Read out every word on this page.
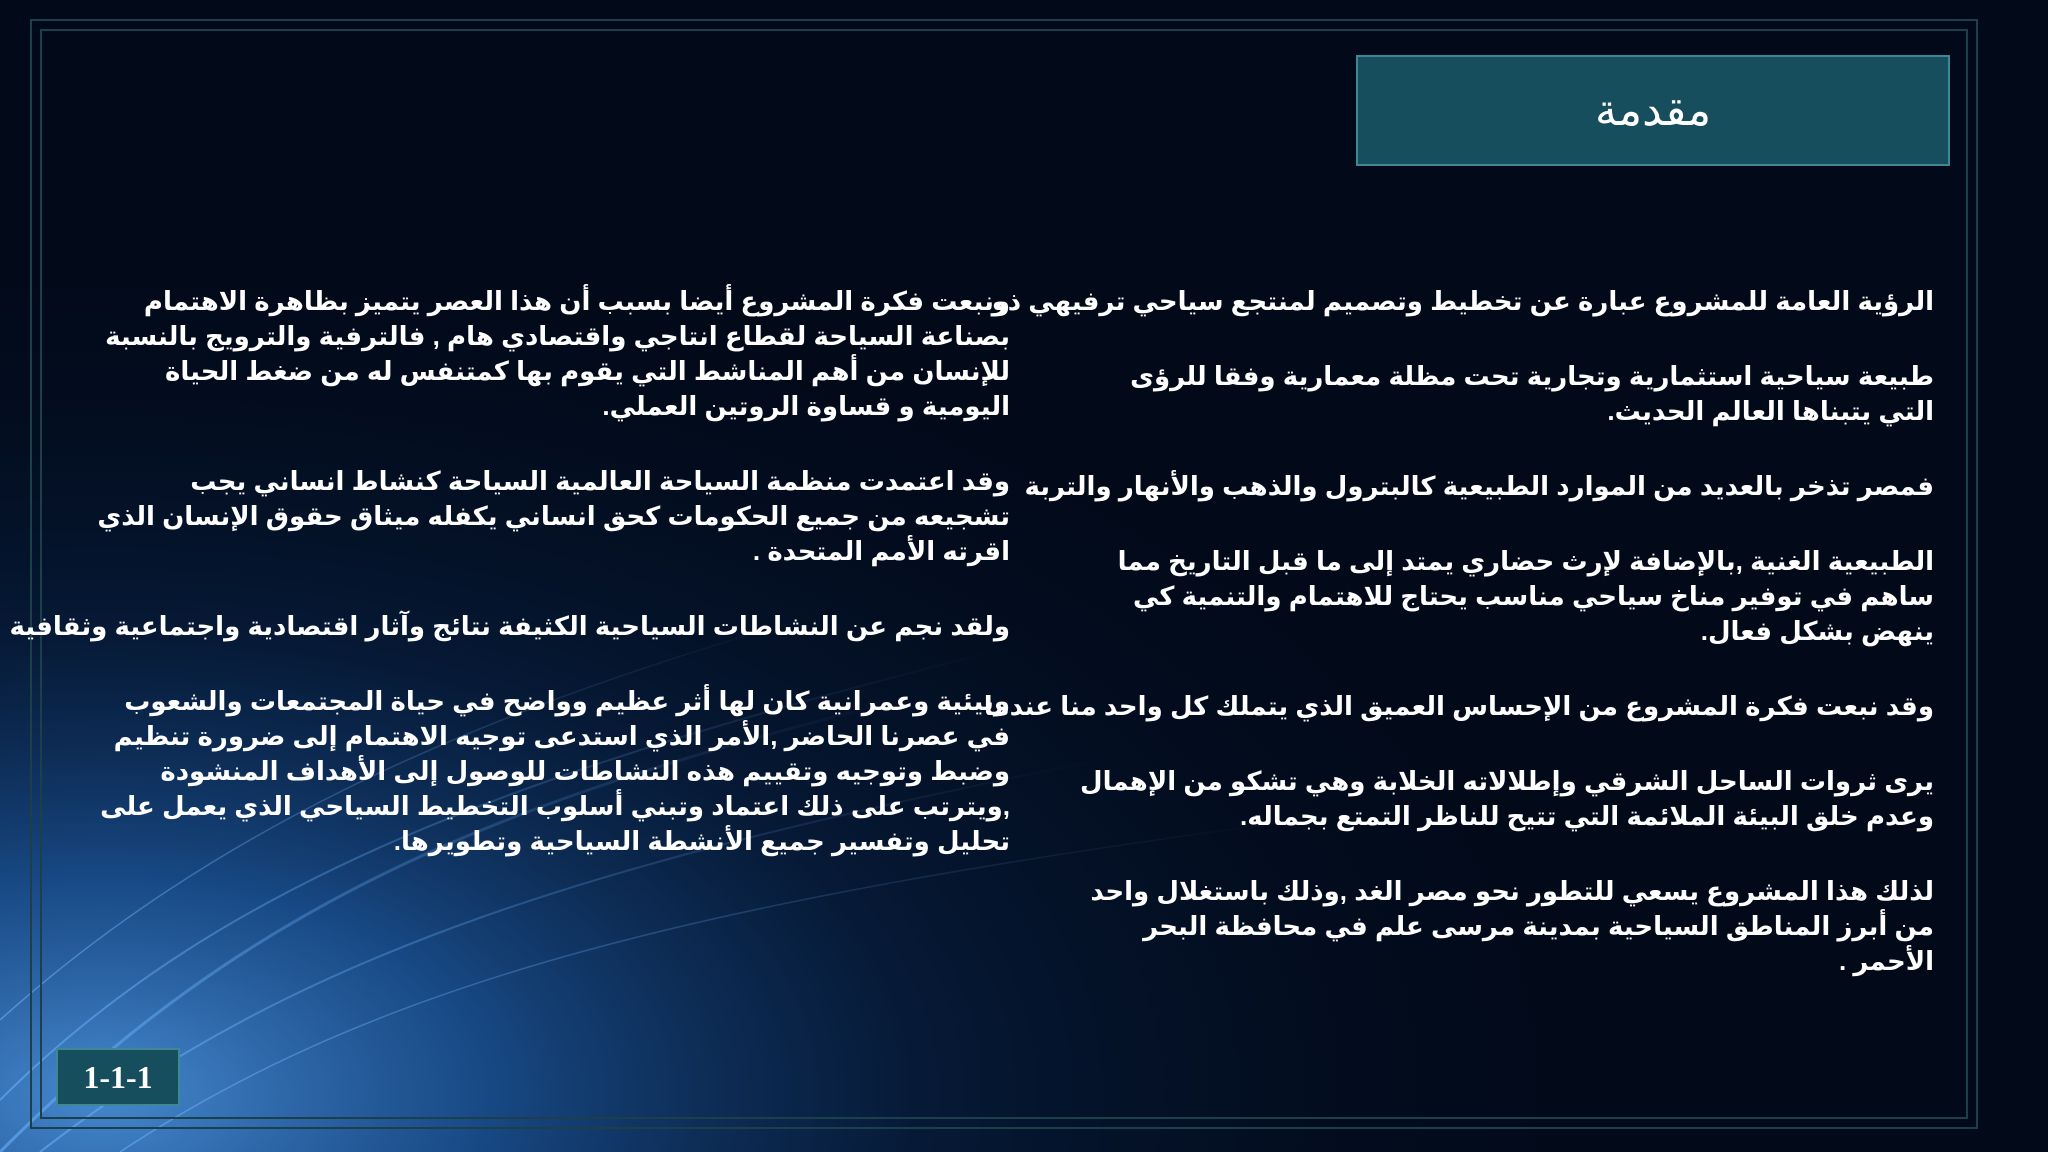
مقدمة

الرؤية العامة للمشروع عبارة عن تخطيط وتصميم لمنتجع سياحي ترفيهي ذو

طبيعة سياحية استثمارية وتجارية تحت مظلة معمارية وفقا للرؤى التي يتبناها العالم الحديث.

فمصر تذخر بالعديد من الموارد الطبيعية كالبترول والذهب والأنهار والتربة

الطبيعية الغنية ,بالإضافة لإرث حضاري يمتد إلى ما قبل التاريخ مما ساهم في توفير مناخ سياحي مناسب يحتاج للاهتمام والتنمية كي ينهض بشكل فعال.

وقد نبعت فكرة المشروع من الإحساس العميق الذي يتملك كل واحد منا عندما

يرى ثروات الساحل الشرقي وإطلالاته الخلابة وهي تشكو من الإهمال وعدم خلق البيئة الملائمة التي تتيح للناظر التمتع بجماله.

لذلك هذا المشروع يسعي للتطور نحو مصر الغد ,وذلك باستغلال واحد من أبرز المناطق السياحية بمدينة مرسى علم في محافظة البحر الأحمر .

ونبعت فكرة المشروع أيضا بسبب أن هذا العصر يتميز بظاهرة الاهتمام بصناعة السياحة لقطاع انتاجي واقتصادي هام , فالترفية والترويج بالنسبة للإنسان من أهم المناشط التي يقوم بها كمتنفس له من ضغط الحياة اليومية و قساوة الروتين العملي.

وقد اعتمدت منظمة السياحة العالمية السياحة كنشاط انساني يجب تشجيعه من جميع الحكومات كحق انساني يكفله ميثاق حقوق الإنسان الذي اقرته الأمم المتحدة .

ولقد نجم عن النشاطات السياحية الكثيفة نتائج وآثار اقتصادية واجتماعية وثقافية

وبيئية وعمرانية كان لها أثر عظيم وواضح في حياة المجتمعات والشعوب في عصرنا الحاضر ,الأمر الذي استدعى توجيه الاهتمام إلى ضرورة تنظيم وضبط وتوجيه وتقييم هذه النشاطات للوصول إلى الأهداف المنشودة ,ويترتب على ذلك اعتماد وتبني أسلوب التخطيط السياحي الذي يعمل على تحليل وتفسير جميع الأنشطة السياحية وتطويرها.

1-1-1
